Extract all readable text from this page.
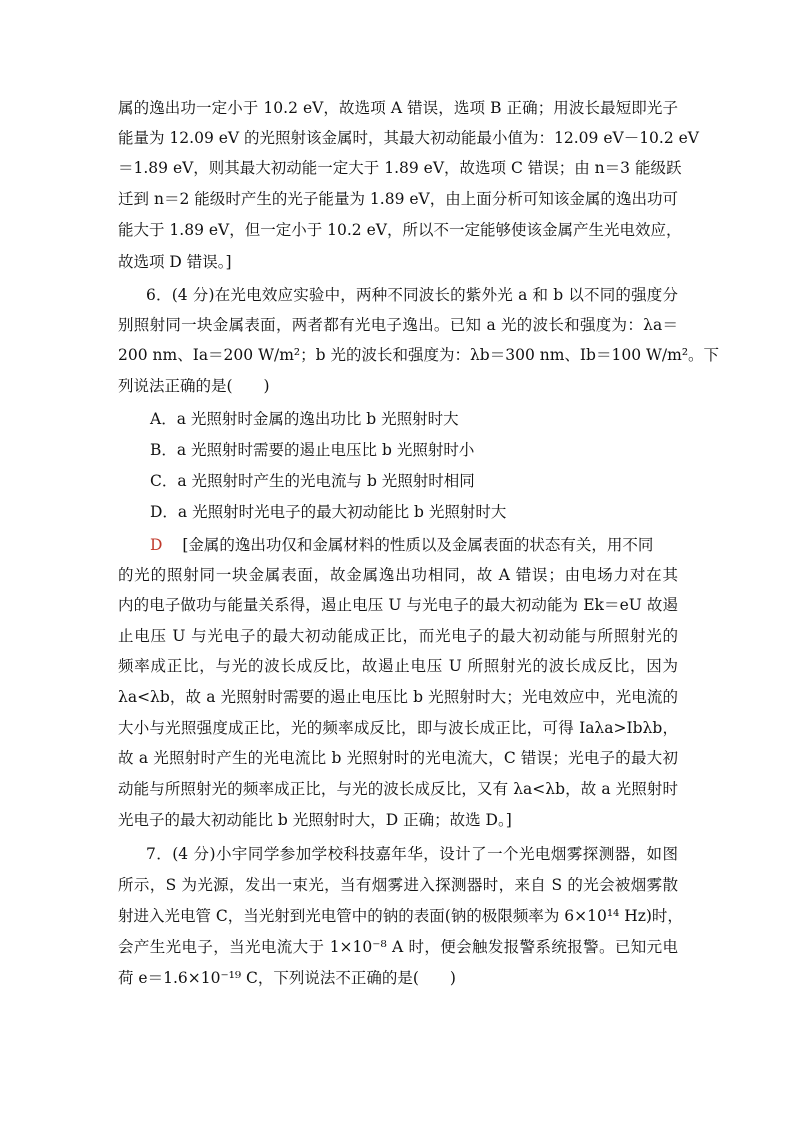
属的逸出功一定小于 10.2 eV，故选项 A 错误，选项 B 正确；用波长最短即光子
能量为 12.09 eV 的光照射该金属时，其最大初动能最小值为：12.09 eV－10.2 eV
＝1.89 eV，则其最大初动能一定大于 1.89 eV，故选项 C 错误；由 n＝3 能级跃
迁到 n＝2 能级时产生的光子能量为 1.89 eV，由上面分析可知该金属的逸出功可
能大于 1.89 eV，但一定小于 10.2 eV，所以不一定能够使该金属产生光电效应，
故选项 D 错误。]
6．(4 分)在光电效应实验中，两种不同波长的紫外光 a 和 b 以不同的强度分
别照射同一块金属表面，两者都有光电子逸出。已知 a 光的波长和强度为：λa＝
200 nm、Ia＝200 W/m²；b 光的波长和强度为：λb＝300 nm、Ib＝100 W/m²。下
列说法正确的是(　　)
A．a 光照射时金属的逸出功比 b 光照射时大
B．a 光照射时需要的遏止电压比 b 光照射时小
C．a 光照射时产生的光电流与 b 光照射时相同
D．a 光照射时光电子的最大初动能比 b 光照射时大
D [金属的逸出功仅和金属材料的性质以及金属表面的状态有关，用不同
的光的照射同一块金属表面，故金属逸出功相同，故 A 错误；由电场力对在其
内的电子做功与能量关系得，遏止电压 U 与光电子的最大初动能为 Ek＝eU 故遏
止电压 U 与光电子的最大初动能成正比，而光电子的最大初动能与所照射光的
频率成正比，与光的波长成反比，故遏止电压 U 所照射光的波长成反比，因为
λa<λb，故 a 光照射时需要的遏止电压比 b 光照射时大；光电效应中，光电流的
大小与光照强度成正比，光的频率成反比，即与波长成正比，可得 Iaλa>Ibλb，
故 a 光照射时产生的光电流比 b 光照射时的光电流大，C 错误；光电子的最大初
动能与所照射光的频率成正比，与光的波长成反比，又有 λa<λb，故 a 光照射时
光电子的最大初动能比 b 光照射时大，D 正确；故选 D。]
7．(4 分)小宇同学参加学校科技嘉年华，设计了一个光电烟雾探测器，如图
所示，S 为光源，发出一束光，当有烟雾进入探测器时，来自 S 的光会被烟雾散
射进入光电管 C，当光射到光电管中的钠的表面(钠的极限频率为 6×10¹⁴ Hz)时，
会产生光电子，当光电流大于 1×10⁻⁸ A 时，便会触发报警系统报警。已知元电
荷 e＝1.6×10⁻¹⁹ C，下列说法不正确的是(　　)
